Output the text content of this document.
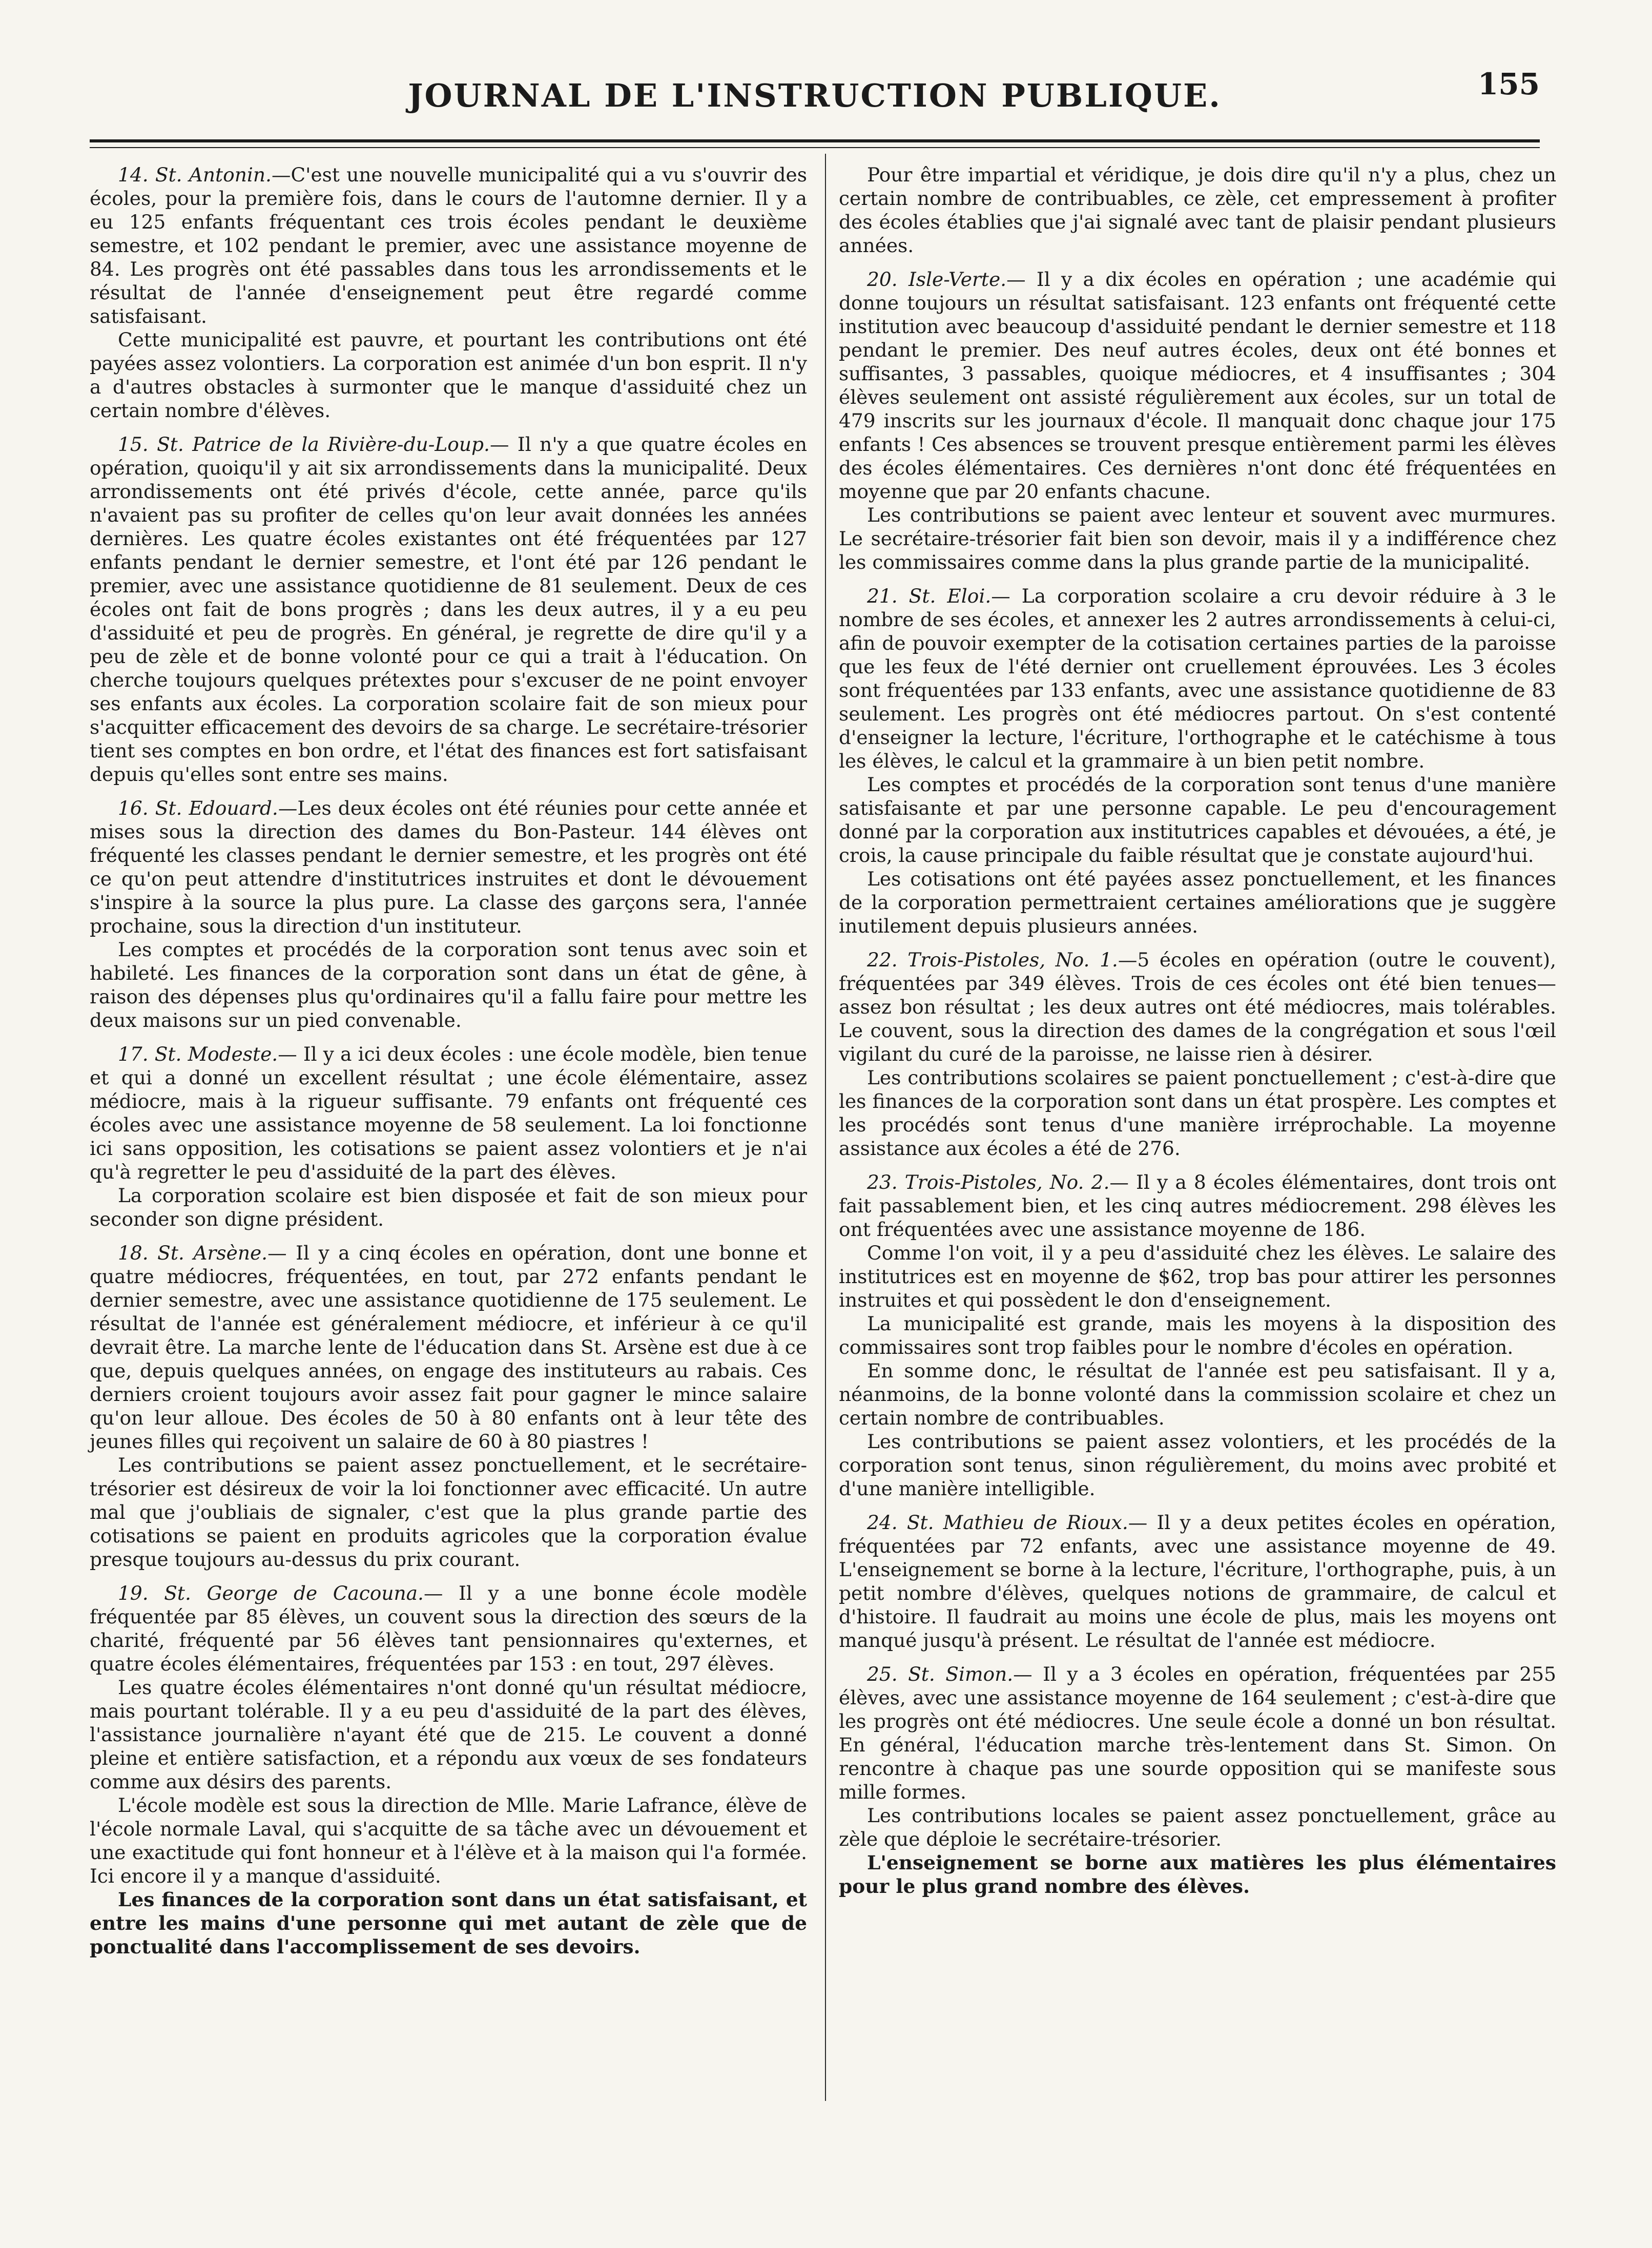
JOURNAL DE L'INSTRUCTION PUBLIQUE.	155

14. St. Antonin.—C'est une nouvelle municipalité qui a vu s'ouvrir des écoles, pour la première fois, dans le cours de l'automne dernier. Il y a eu 125 enfants fréquentant ces trois écoles pendant le deuxième semestre, et 102 pendant le premier, avec une assistance moyenne de 84. Les progrès ont été passables dans tous les arrondissements et le résultat de l'année d'enseignement peut être regardé comme satisfaisant.

Cette municipalité est pauvre, et pourtant les contributions ont été payées assez volontiers. La corporation est animée d'un bon esprit. Il n'y a d'autres obstacles à surmonter que le manque d'assiduité chez un certain nombre d'élèves.

15. St. Patrice de la Rivière-du-Loup.— Il n'y a que quatre écoles en opération, quoiqu'il y ait six arrondissements dans la municipalité. Deux arrondissements ont été privés d'école, cette année, parce qu'ils n'avaient pas su profiter de celles qu'on leur avait données les années dernières. Les quatre écoles existantes ont été fréquentées par 127 enfants pendant le dernier semestre, et l'ont été par 126 pendant le premier, avec une assistance quotidienne de 81 seulement. Deux de ces écoles ont fait de bons progrès ; dans les deux autres, il y a eu peu d'assiduité et peu de progrès. En général, je regrette de dire qu'il y a peu de zèle et de bonne volonté pour ce qui a trait à l'éducation. On cherche toujours quelques prétextes pour s'excuser de ne point envoyer ses enfants aux écoles. La corporation scolaire fait de son mieux pour s'acquitter efficacement des devoirs de sa charge. Le secrétaire-trésorier tient ses comptes en bon ordre, et l'état des finances est fort satisfaisant depuis qu'elles sont entre ses mains.

16. St. Edouard.—Les deux écoles ont été réunies pour cette année et mises sous la direction des dames du Bon-Pasteur. 144 élèves ont fréquenté les classes pendant le dernier semestre, et les progrès ont été ce qu'on peut attendre d'institutrices instruites et dont le dévouement s'inspire à la source la plus pure. La classe des garçons sera, l'année prochaine, sous la direction d'un instituteur.

Les comptes et procédés de la corporation sont tenus avec soin et habileté. Les finances de la corporation sont dans un état de gêne, à raison des dépenses plus qu'ordinaires qu'il a fallu faire pour mettre les deux maisons sur un pied convenable.

17. St. Modeste.— Il y a ici deux écoles : une école modèle, bien tenue et qui a donné un excellent résultat ; une école élémentaire, assez médiocre, mais à la rigueur suffisante. 79 enfants ont fréquenté ces écoles avec une assistance moyenne de 58 seulement. La loi fonctionne ici sans opposition, les cotisations se paient assez volontiers et je n'ai qu'à regretter le peu d'assiduité de la part des élèves.

La corporation scolaire est bien disposée et fait de son mieux pour seconder son digne président.

18. St. Arsène.— Il y a cinq écoles en opération, dont une bonne et quatre médiocres, fréquentées, en tout, par 272 enfants pendant le dernier semestre, avec une assistance quotidienne de 175 seulement. Le résultat de l'année est généralement médiocre, et inférieur à ce qu'il devrait être. La marche lente de l'éducation dans St. Arsène est due à ce que, depuis quelques années, on engage des instituteurs au rabais. Ces derniers croient toujours avoir assez fait pour gagner le mince salaire qu'on leur alloue. Des écoles de 50 à 80 enfants ont à leur tête des jeunes filles qui reçoivent un salaire de 60 à 80 piastres !

Les contributions se paient assez ponctuellement, et le secrétaire-trésorier est désireux de voir la loi fonctionner avec efficacité. Un autre mal que j'oubliais de signaler, c'est que la plus grande partie des cotisations se paient en produits agricoles que la corporation évalue presque toujours au-dessus du prix courant.

19. St. George de Cacouna.— Il y a une bonne école modèle fréquentée par 85 élèves, un couvent sous la direction des sœurs de la charité, fréquenté par 56 élèves tant pensionnaires qu'externes, et quatre écoles élémentaires, fréquentées par 153 : en tout, 297 élèves.

Les quatre écoles élémentaires n'ont donné qu'un résultat médiocre, mais pourtant tolérable. Il y a eu peu d'assiduité de la part des élèves, l'assistance journalière n'ayant été que de 215. Le couvent a donné pleine et entière satisfaction, et a répondu aux vœux de ses fondateurs comme aux désirs des parents.

L'école modèle est sous la direction de Mlle. Marie Lafrance, élève de l'école normale Laval, qui s'acquitte de sa tâche avec un dévouement et une exactitude qui font honneur et à l'élève et à la maison qui l'a formée. Ici encore il y a manque d'assiduité.

Les finances de la corporation sont dans un état satisfaisant, et entre les mains d'une personne qui met autant de zèle que de ponctualité dans l'accomplissement de ses devoirs.

Pour être impartial et véridique, je dois dire qu'il n'y a plus, chez un certain nombre de contribuables, ce zèle, cet empressement à profiter des écoles établies que j'ai signalé avec tant de plaisir pendant plusieurs années.

20. Isle-Verte.— Il y a dix écoles en opération ; une académie qui donne toujours un résultat satisfaisant. 123 enfants ont fréquenté cette institution avec beaucoup d'assiduité pendant le dernier semestre et 118 pendant le premier. Des neuf autres écoles, deux ont été bonnes et suffisantes, 3 passables, quoique médiocres, et 4 insuffisantes ; 304 élèves seulement ont assisté régulièrement aux écoles, sur un total de 479 inscrits sur les journaux d'école. Il manquait donc chaque jour 175 enfants ! Ces absences se trouvent presque entièrement parmi les élèves des écoles élémentaires. Ces dernières n'ont donc été fréquentées en moyenne que par 20 enfants chacune.

Les contributions se paient avec lenteur et souvent avec murmures. Le secrétaire-trésorier fait bien son devoir, mais il y a indifférence chez les commissaires comme dans la plus grande partie de la municipalité.

21. St. Eloi.— La corporation scolaire a cru devoir réduire à 3 le nombre de ses écoles, et annexer les 2 autres arrondissements à celui-ci, afin de pouvoir exempter de la cotisation certaines parties de la paroisse que les feux de l'été dernier ont cruellement éprouvées. Les 3 écoles sont fréquentées par 133 enfants, avec une assistance quotidienne de 83 seulement. Les progrès ont été médiocres partout. On s'est contenté d'enseigner la lecture, l'écriture, l'orthographe et le catéchisme à tous les élèves, le calcul et la grammaire à un bien petit nombre.

Les comptes et procédés de la corporation sont tenus d'une manière satisfaisante et par une personne capable. Le peu d'encouragement donné par la corporation aux institutrices capables et dévouées, a été, je crois, la cause principale du faible résultat que je constate aujourd'hui.

Les cotisations ont été payées assez ponctuellement, et les finances de la corporation permettraient certaines améliorations que je suggère inutilement depuis plusieurs années.

22. Trois-Pistoles, No. 1.—5 écoles en opération (outre le couvent), fréquentées par 349 élèves. Trois de ces écoles ont été bien tenues—assez bon résultat ; les deux autres ont été médiocres, mais tolérables. Le couvent, sous la direction des dames de la congrégation et sous l'œil vigilant du curé de la paroisse, ne laisse rien à désirer.

Les contributions scolaires se paient ponctuellement ; c'est-à-dire que les finances de la corporation sont dans un état prospère. Les comptes et les procédés sont tenus d'une manière irréprochable. La moyenne assistance aux écoles a été de 276.

23. Trois-Pistoles, No. 2.— Il y a 8 écoles élémentaires, dont trois ont fait passablement bien, et les cinq autres médiocrement. 298 élèves les ont fréquentées avec une assistance moyenne de 186.

Comme l'on voit, il y a peu d'assiduité chez les élèves. Le salaire des institutrices est en moyenne de $62, trop bas pour attirer les personnes instruites et qui possèdent le don d'enseignement.

La municipalité est grande, mais les moyens à la disposition des commissaires sont trop faibles pour le nombre d'écoles en opération.

En somme donc, le résultat de l'année est peu satisfaisant. Il y a, néanmoins, de la bonne volonté dans la commission scolaire et chez un certain nombre de contribuables.

Les contributions se paient assez volontiers, et les procédés de la corporation sont tenus, sinon régulièrement, du moins avec probité et d'une manière intelligible.

24. St. Mathieu de Rioux.— Il y a deux petites écoles en opération, fréquentées par 72 enfants, avec une assistance moyenne de 49. L'enseignement se borne à la lecture, l'écriture, l'orthographe, puis, à un petit nombre d'élèves, quelques notions de grammaire, de calcul et d'histoire. Il faudrait au moins une école de plus, mais les moyens ont manqué jusqu'à présent. Le résultat de l'année est médiocre.

25. St. Simon.— Il y a 3 écoles en opération, fréquentées par 255 élèves, avec une assistance moyenne de 164 seulement ; c'est-à-dire que les progrès ont été médiocres. Une seule école a donné un bon résultat. En général, l'éducation marche très-lentement dans St. Simon. On rencontre à chaque pas une sourde opposition qui se manifeste sous mille formes.

Les contributions locales se paient assez ponctuellement, grâce au zèle que déploie le secrétaire-trésorier.

L'enseignement se borne aux matières les plus élémentaires pour le plus grand nombre des élèves.
